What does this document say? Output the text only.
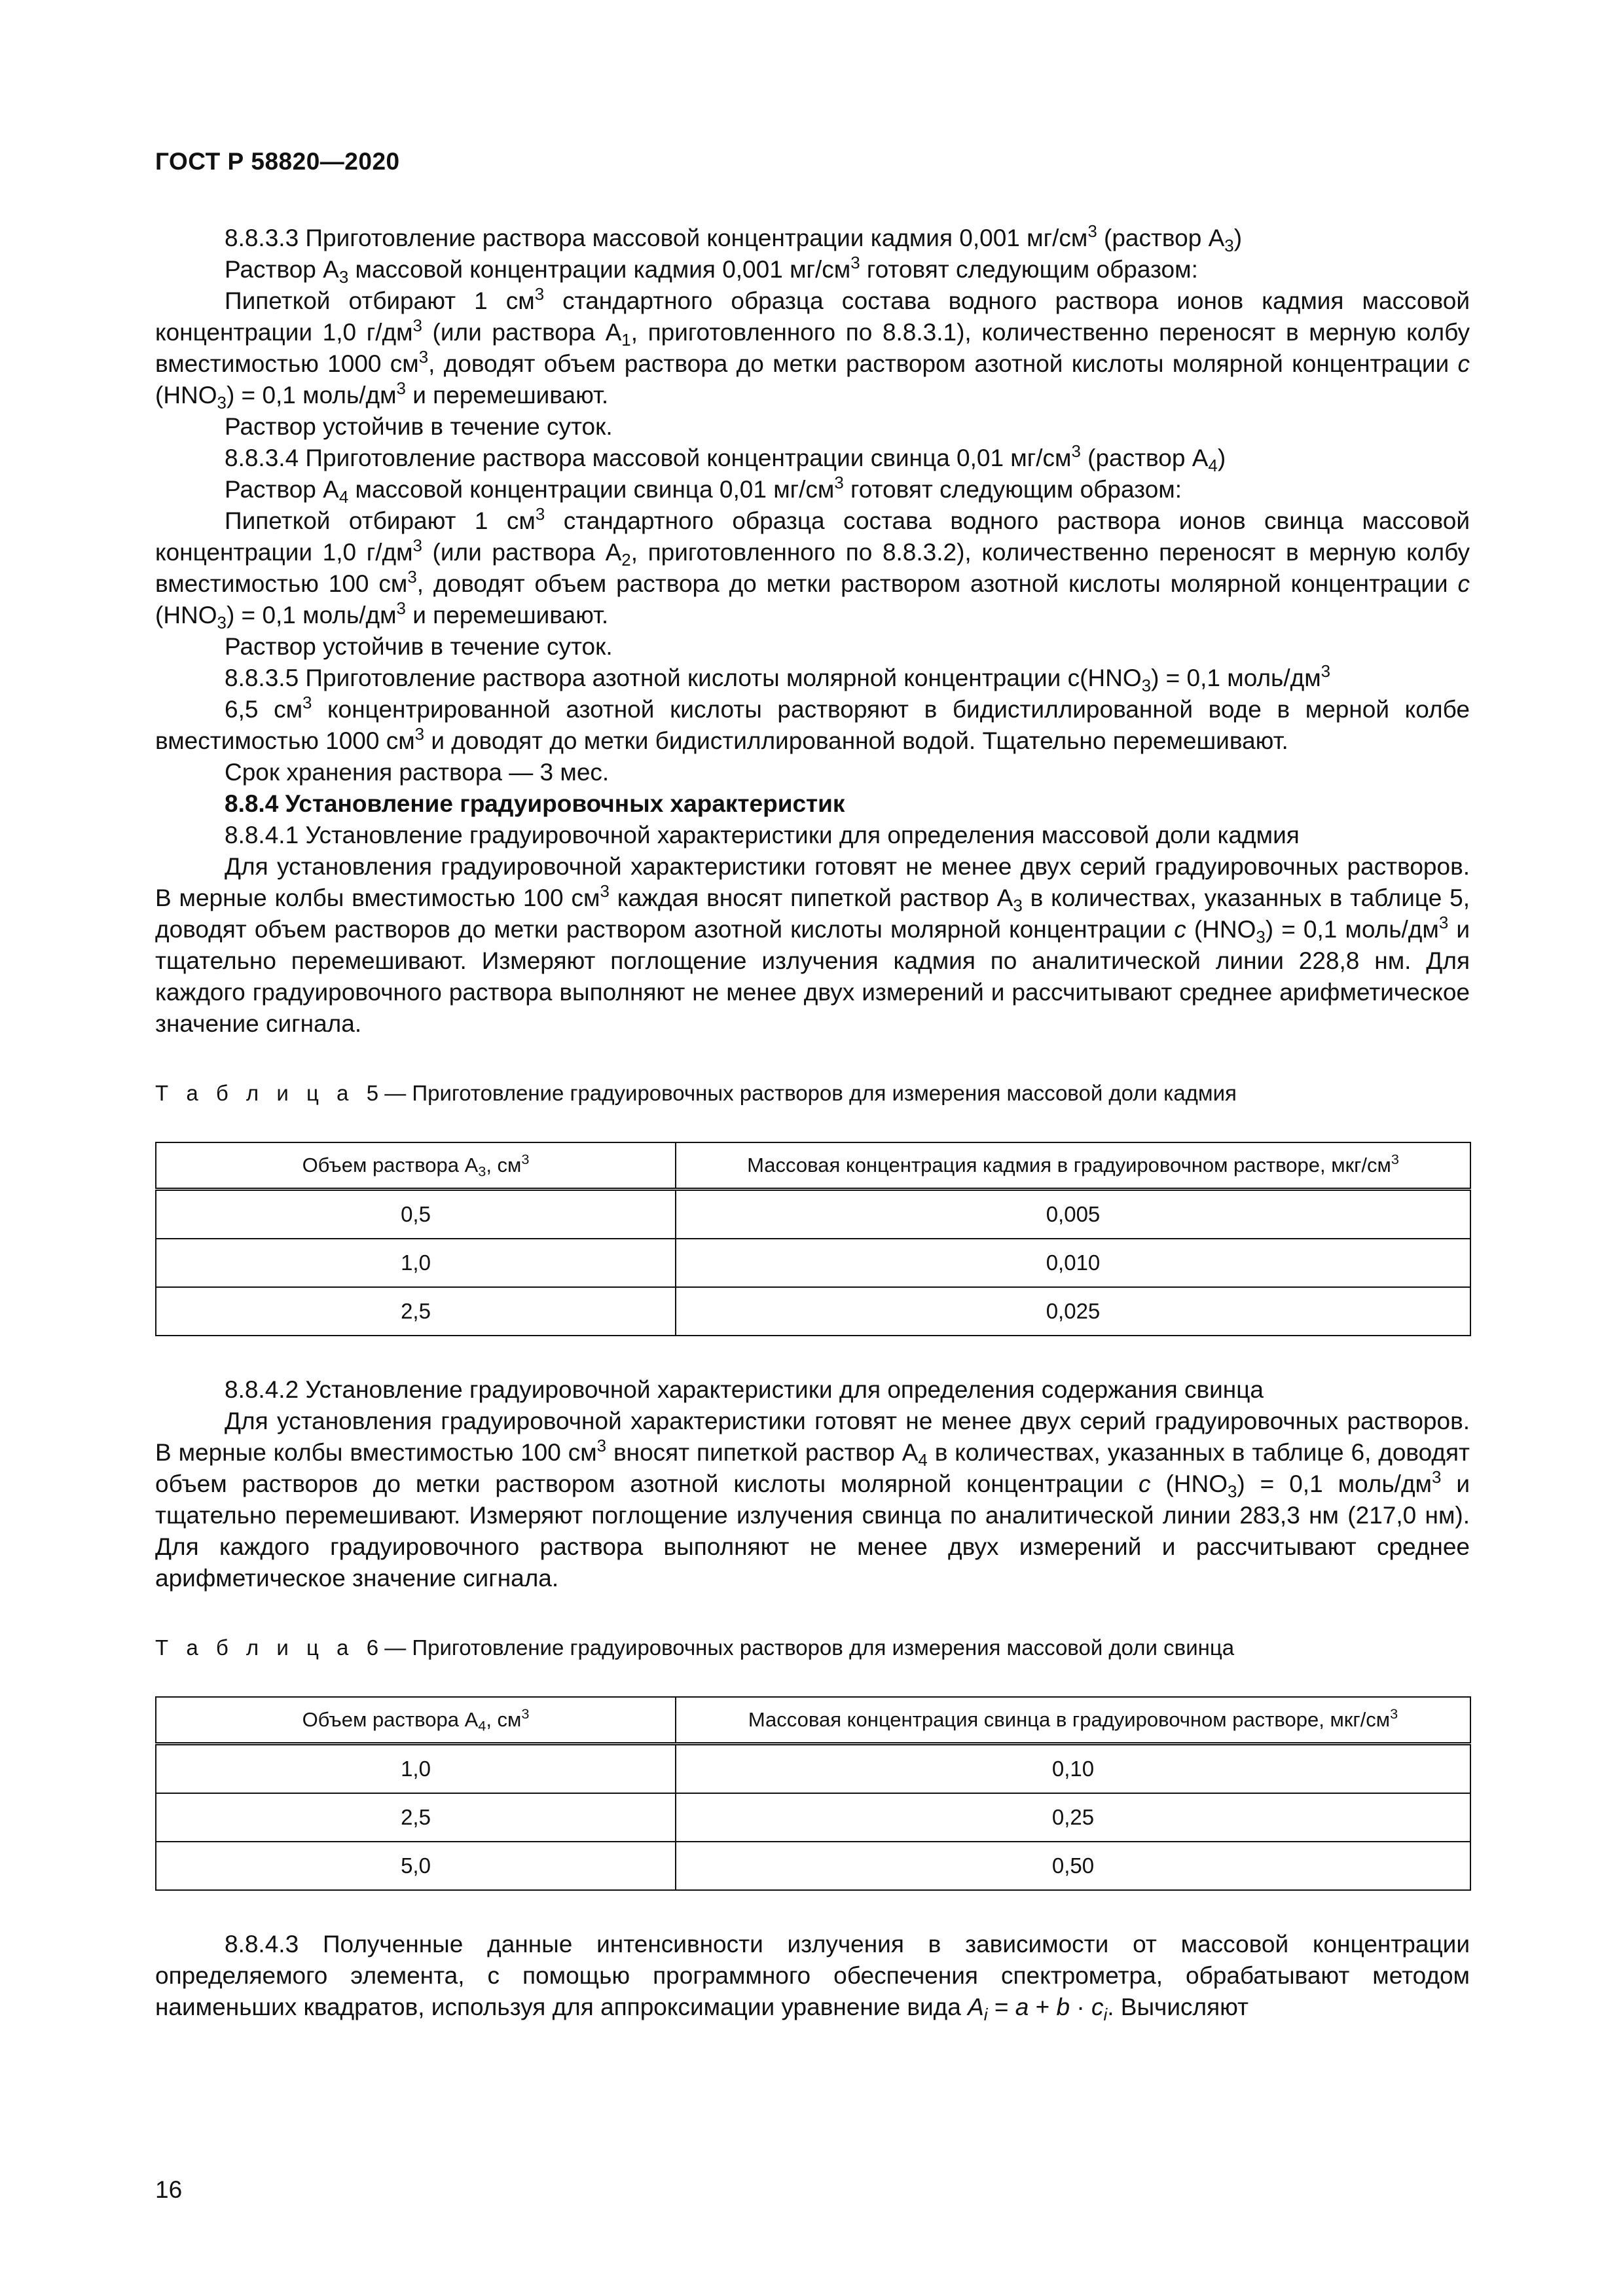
ГОСТ Р 58820—2020

8.8.3.3 Приготовление раствора массовой концентрации кадмия 0,001 $мг/см^3$ (раствор $А_3$)

Раствор $А_3$ массовой концентрации кадмия 0,001 $мг/см^3$ готовят следующим образом:

Пипеткой отбирают 1 $см^3$ стандартного образца состава водного раствора ионов кадмия массовой концентрации 1,0 $г/дм^3$ (или раствора $А_1$, приготовленного по 8.8.3.1), количественно переносят в мерную колбу вместимостью 1000 $см^3$, доводят объем раствора до метки раствором азотной кислоты молярной концентрации c $(HNO_3) = 0,1$ моль/$дм^3$ и перемешивают.

Раствор устойчив в течение суток.

8.8.3.4 Приготовление раствора массовой концентрации свинца 0,01 $мг/см^3$ (раствор $А_4$)

Раствор $А_4$ массовой концентрации свинца 0,01 $мг/см^3$ готовят следующим образом:

Пипеткой отбирают 1 $см^3$ стандартного образца состава водного раствора ионов свинца массовой концентрации 1,0 $г/дм^3$ (или раствора $А_2$, приготовленного по 8.8.3.2), количественно переносят в мерную колбу вместимостью 100 $см^3$, доводят объем раствора до метки раствором азотной кислоты молярной концентрации c $(HNO_3) = 0,1$ моль/$дм^3$ и перемешивают.

Раствор устойчив в течение суток.

8.8.3.5 Приготовление раствора азотной кислоты молярной концентрации $c(HNO_3) = 0,1$ моль/$дм^3$

6,5 $см^3$ концентрированной азотной кислоты растворяют в бидистиллированной воде в мерной колбе вместимостью 1000 $см^3$ и доводят до метки бидистиллированной водой. Тщательно перемешивают.

Срок хранения раствора — 3 мес.

8.8.4 Установление градуировочных характеристик

8.8.4.1 Установление градуировочной характеристики для определения массовой доли кадмия

Для установления градуировочной характеристики готовят не менее двух серий градуировочных растворов. В мерные колбы вместимостью 100 $см^3$ каждая вносят пипеткой раствор $А_3$ в количествах, указанных в таблице 5, доводят объем растворов до метки раствором азотной кислоты молярной концентрации c $(HNO_3) = 0,1$ моль/$дм^3$ и тщательно перемешивают. Измеряют поглощение излучения кадмия по аналитической линии 228,8 нм. Для каждого градуировочного раствора выполняют не менее двух измерений и рассчитывают среднее арифметическое значение сигнала.

Т а б л и ц а 5 — Приготовление градуировочных растворов для измерения массовой доли кадмия

Объем раствора $А_3$, $см^3$	Массовая концентрация кадмия в градуировочном растворе, мкг/$см^3$
0,5	0,005
1,0	0,010
2,5	0,025

8.8.4.2 Установление градуировочной характеристики для определения содержания свинца

Для установления градуировочной характеристики готовят не менее двух серий градуировочных растворов. В мерные колбы вместимостью 100 $см^3$ вносят пипеткой раствор $А_4$ в количествах, указанных в таблице 6, доводят объем растворов до метки раствором азотной кислоты молярной концентрации c $(HNO_3) = 0,1$ моль/$дм^3$ и тщательно перемешивают. Измеряют поглощение излучения свинца по аналитической линии 283,3 нм (217,0 нм). Для каждого градуировочного раствора выполняют не менее двух измерений и рассчитывают среднее арифметическое значение сигнала.

Т а б л и ц а 6 — Приготовление градуировочных растворов для измерения массовой доли свинца

Объем раствора $А_4$, $см^3$	Массовая концентрация свинца в градуировочном растворе, мкг/$см^3$
1,0	0,10
2,5	0,25
5,0	0,50

8.8.4.3 Полученные данные интенсивности излучения в зависимости от массовой концентрации определяемого элемента, с помощью программного обеспечения спектрометра, обрабатывают методом наименьших квадратов, используя для аппроксимации уравнение вида $A_i = a + b \cdot c_i$. Вычисляют

16
